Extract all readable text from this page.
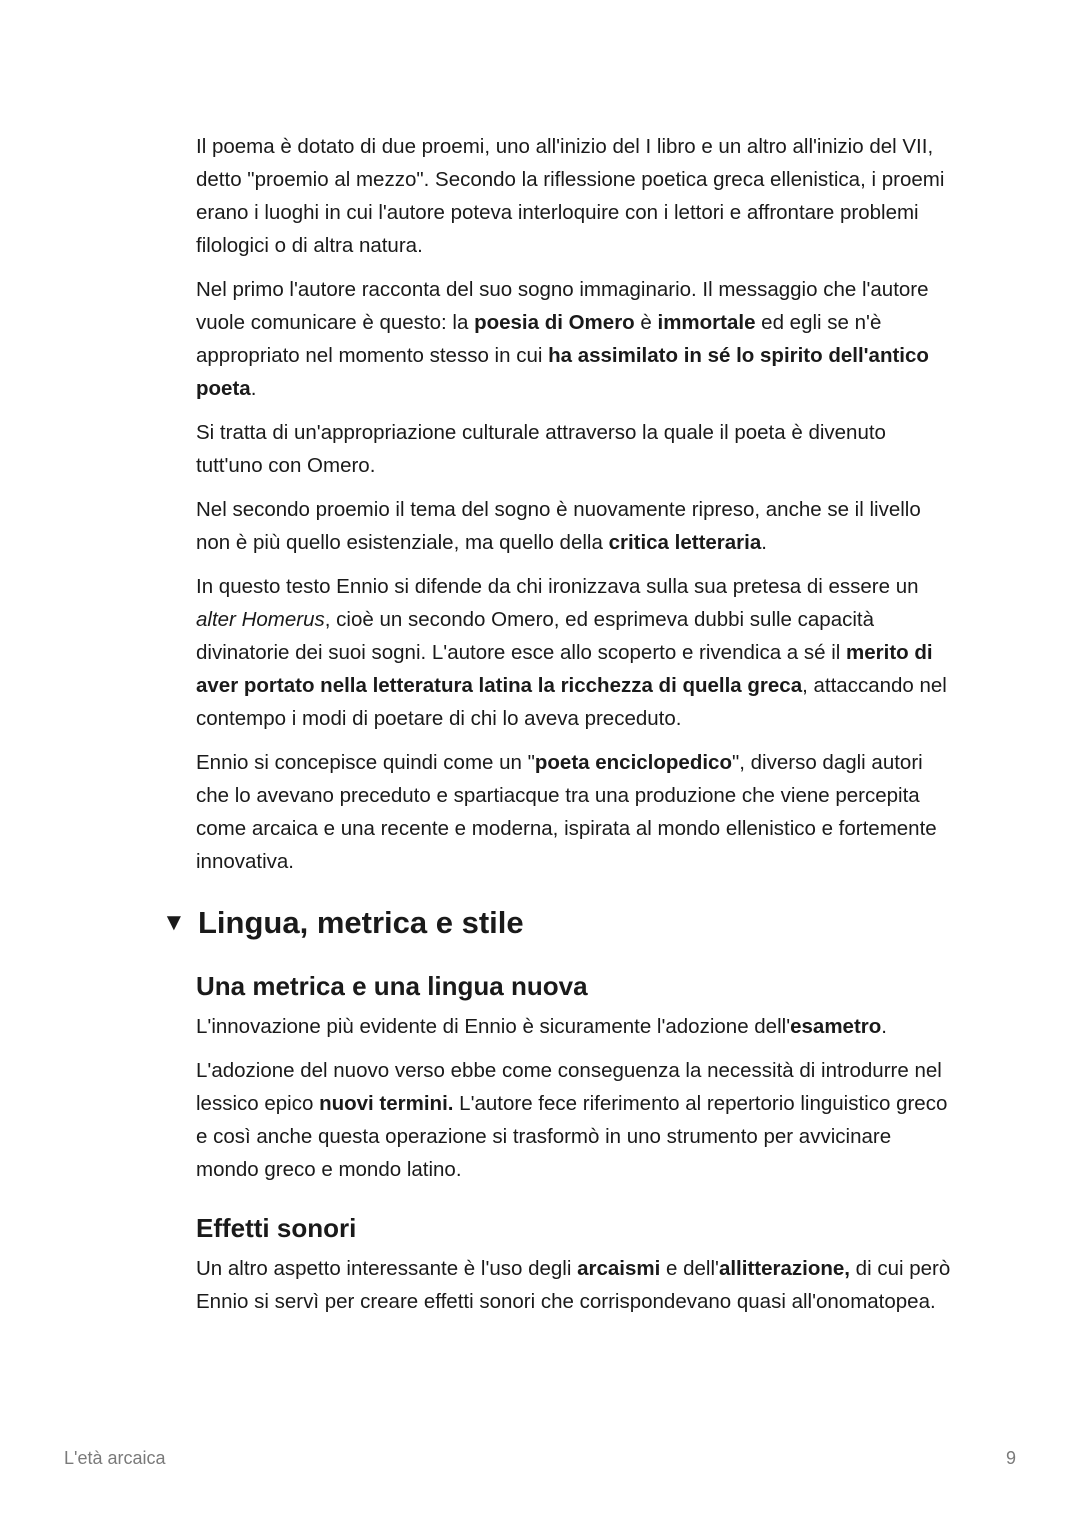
Il poema è dotato di due proemi, uno all'inizio del I libro e un altro all'inizio del VII, detto "proemio al mezzo". Secondo la riflessione poetica greca ellenistica, i proemi erano i luoghi in cui l'autore poteva interloquire con i lettori e affrontare problemi filologici o di altra natura.

Nel primo l'autore racconta del suo sogno immaginario. Il messaggio che l'autore vuole comunicare è questo: la poesia di Omero è immortale ed egli se n'è appropriato nel momento stesso in cui ha assimilato in sé lo spirito dell'antico poeta.

Si tratta di un'appropriazione culturale attraverso la quale il poeta è divenuto tutt'uno con Omero.

Nel secondo proemio il tema del sogno è nuovamente ripreso, anche se il livello non è più quello esistenziale, ma quello della critica letteraria.

In questo testo Ennio si difende da chi ironizzava sulla sua pretesa di essere un alter Homerus, cioè un secondo Omero, ed esprimeva dubbi sulle capacità divinatorie dei suoi sogni. L'autore esce allo scoperto e rivendica a sé il merito di aver portato nella letteratura latina la ricchezza di quella greca, attaccando nel contempo i modi di poetare di chi lo aveva preceduto.

Ennio si concepisce quindi come un "poeta enciclopedico", diverso dagli autori che lo avevano preceduto e spartiacque tra una produzione che viene percepita come arcaica e una recente e moderna, ispirata al mondo ellenistico e fortemente innovativa.

▼ Lingua, metrica e stile
Una metrica e una lingua nuova

L'innovazione più evidente di Ennio è sicuramente l'adozione dell'esametro.

L'adozione del nuovo verso ebbe come conseguenza la necessità di introdurre nel lessico epico nuovi termini. L'autore fece riferimento al repertorio linguistico greco e così anche questa operazione si trasformò in uno strumento per avvicinare mondo greco e mondo latino.

Effetti sonori

Un altro aspetto interessante è l'uso degli arcaismi e dell'allitterazione, di cui però Ennio si servì per creare effetti sonori che corrispondevano quasi all'onomatopea.

L'età arcaica	9
